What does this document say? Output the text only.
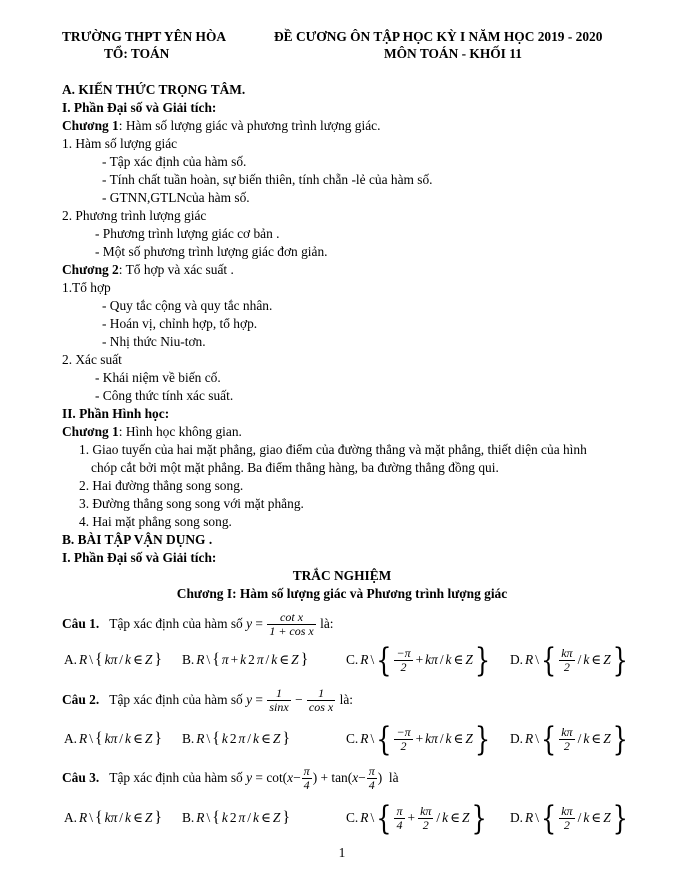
TRƯỜNG THPT YÊN HÒA
TỔ: TOÁN
ĐỀ CƯƠNG ÔN TẬP HỌC KỲ I NĂM HỌC 2019 - 2020
MÔN TOÁN - KHỐI 11
A. KIẾN THỨC TRỌNG TÂM.
I. Phần Đại số và Giải tích:
Chương 1: Hàm số lượng giác và phương trình lượng giác.
1. Hàm số lượng giác
- Tập xác định của hàm số.
- Tính chất tuần hoàn, sự biến thiên, tính chẵn -lẻ của hàm số.
- GTNN,GTLNcủa hàm số.
2. Phương trình lượng giác
- Phương trình lượng giác cơ bản .
- Một số phương trình lượng giác đơn giản.
Chương 2: Tổ hợp và xác suất .
1.Tổ hợp
- Quy tắc cộng và quy tắc nhân.
- Hoán vị, chỉnh hợp, tổ hợp.
- Nhị thức Niu-tơn.
2. Xác suất
- Khái niệm về biến cố.
- Công thức tính xác suất.
II. Phần Hình học:
Chương 1: Hình học không gian.
1. Giao tuyến của hai mặt phẳng, giao điểm của đường thẳng và mặt phẳng, thiết diện của hình
chóp cắt bởi một mặt phẳng. Ba điểm thẳng hàng, ba đường thẳng đồng qui.
2. Hai đường thẳng song song.
3. Đường thẳng song song với mặt phẳng.
4. Hai mặt phẳng song song.
B. BÀI TẬP VẬN DỤNG .
I. Phần Đại số và Giải tích:
TRẮC NGHIỆM
Chương I: Hàm số lượng giác và Phương trình lượng giác
Câu 1.
Tập xác định của hàm số
$y = \frac{\text{cot x}}{\text{1 + cos x}}$
là:
A. R \ { kπ / k ∈ Z } B. R \ { π + k 2 π / k ∈ Z }	C. R \ { $\frac{-\pi}{2} + k\pi / k$ ∈ Z } D. R \ { $\frac{k\pi}{2}$ / k ∈ Z }
Câu 2.
Tập xác định của hàm số
$y = \frac{1}{\sin x} - \frac{1}{\text{cos x}}$
là:
A. R \ { kπ / k ∈ Z } B. R \ { k 2 π / k ∈ Z }	C. R \ { $\frac{-\pi}{2} + k\pi / k$ ∈ Z } D. R \ { $\frac{k\pi}{2}$ / k ∈ Z }
Câu 3.
Tập xác định của hàm số
y = cot( $x - \frac{\pi}{4}$ ) + tan( $x - \frac{\pi}{4}$ ) là
A. R \ { kπ / k ∈ Z } B. R \ { k 2 π / k ∈ Z }	C. R \ { $\frac{\pi}{4} + \frac{k\pi}{2} / k$ ∈ Z } D. R \ { $\frac{k\pi}{2}$ / k ∈ Z }
1
